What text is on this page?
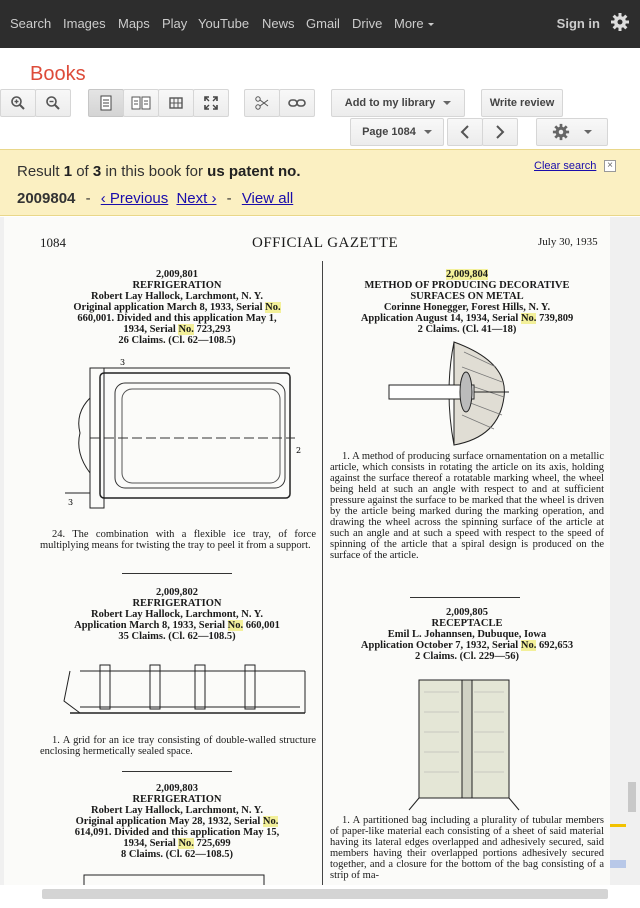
Search Images Maps Play YouTube News Gmail Drive More	Sign in
Books
Add to my library	Write review
Page 1084
Result 1 of 3 in this book for us patent no.
2009804 - ‹ Previous Next › - View all
Clear search	×
1084	OFFICIAL GAZETTE	July 30, 1935
2,009,801
REFRIGERATION
Robert Lay Hallock, Larchmont, N. Y.
Original application March 8, 1933, Serial No.
660,001. Divided and this application May 1,
1934, Serial No. 723,293
26 Claims. (Cl. 62—108.5)
3
2
3
24. The combination with a flexible ice tray, of force multiplying means for twisting the tray to peel it from a support.
2,009,802
REFRIGERATION
Robert Lay Hallock, Larchmont, N. Y.
Application March 8, 1933, Serial No. 660,001
35 Claims. (Cl. 62—108.5)
1. A grid for an ice tray consisting of double-walled structure enclosing hermetically sealed space.
2,009,803
REFRIGERATION
Robert Lay Hallock, Larchmont, N. Y.
Original application May 28, 1932, Serial No.
614,091. Divided and this application May 15,
1934, Serial No. 725,699
8 Claims. (Cl. 62—108.5)
2,009,804
METHOD OF PRODUCING DECORATIVE
SURFACES ON METAL
Corinne Honegger, Forest Hills, N. Y.
Application August 14, 1934, Serial No. 739,809
2 Claims. (Cl. 41—18)
1. A method of producing surface ornamentation on a metallic article, which consists in rotating the article on its axis, holding against the surface thereof a rotatable marking wheel, the wheel being held at such an angle with respect to and at sufficient pressure against the surface to be marked that the wheel is driven by the article being marked during the marking operation, and drawing the wheel across the spinning surface of the article at such an angle and at such a speed with respect to the speed of spinning of the article that a spiral design is produced on the surface of the article.
2,009,805
RECEPTACLE
Emil L. Johannsen, Dubuque, Iowa
Application October 7, 1932, Serial No. 692,653
2 Claims. (Cl. 229—56)
1. A partitioned bag including a plurality of tubular members of paper-like material each consisting of a sheet of said material having its lateral edges overlapped and adhesively secured, said members having their overlapped portions adhesively secured together, and a closure for the bottom of the bag consisting of a strip of ma-
